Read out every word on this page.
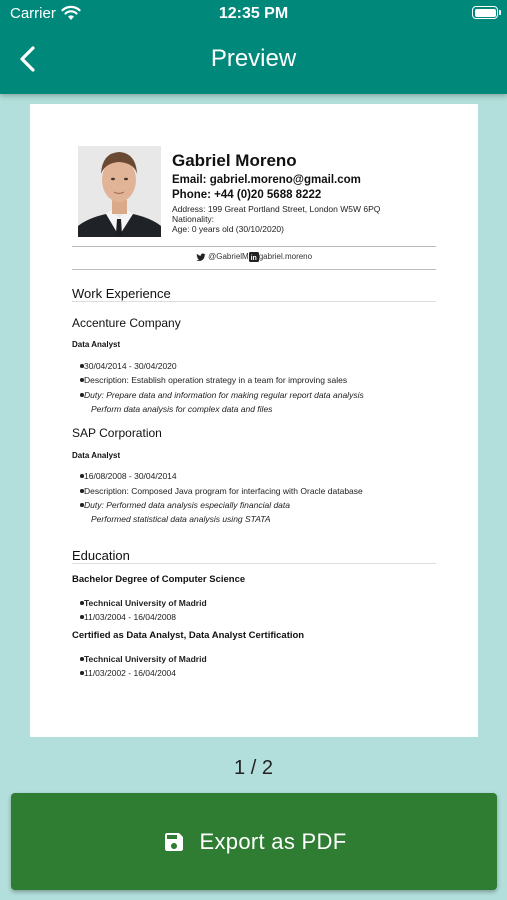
Carrier	12:35 PM
Preview
Gabriel Moreno
Email: gabriel.moreno@gmail.com
Phone: +44 (0)20 5688 8222
Address: 199 Great Portland Street, London W5W 6PQ
Nationality:
Age: 0 years old (30/10/2020)
@GabrielM in gabriel.moreno
Work Experience
Accenture Company
Data Analyst
30/04/2014 - 30/04/2020
Description: Establish operation strategy in a team for improving sales
Duty: Prepare data and information for making regular report data analysis
Perform data analysis for complex data and files
SAP Corporation
Data Analyst
16/08/2008 - 30/04/2014
Description: Composed Java program for interfacing with Oracle database
Duty: Performed data analysis especially financial data
Performed statistical data analysis using STATA
Education
Bachelor Degree of Computer Science
Technical University of Madrid
11/03/2004 - 16/04/2008
Certified as Data Analyst, Data Analyst Certification
Technical University of Madrid
11/03/2002 - 16/04/2004
1 / 2
Export as PDF
